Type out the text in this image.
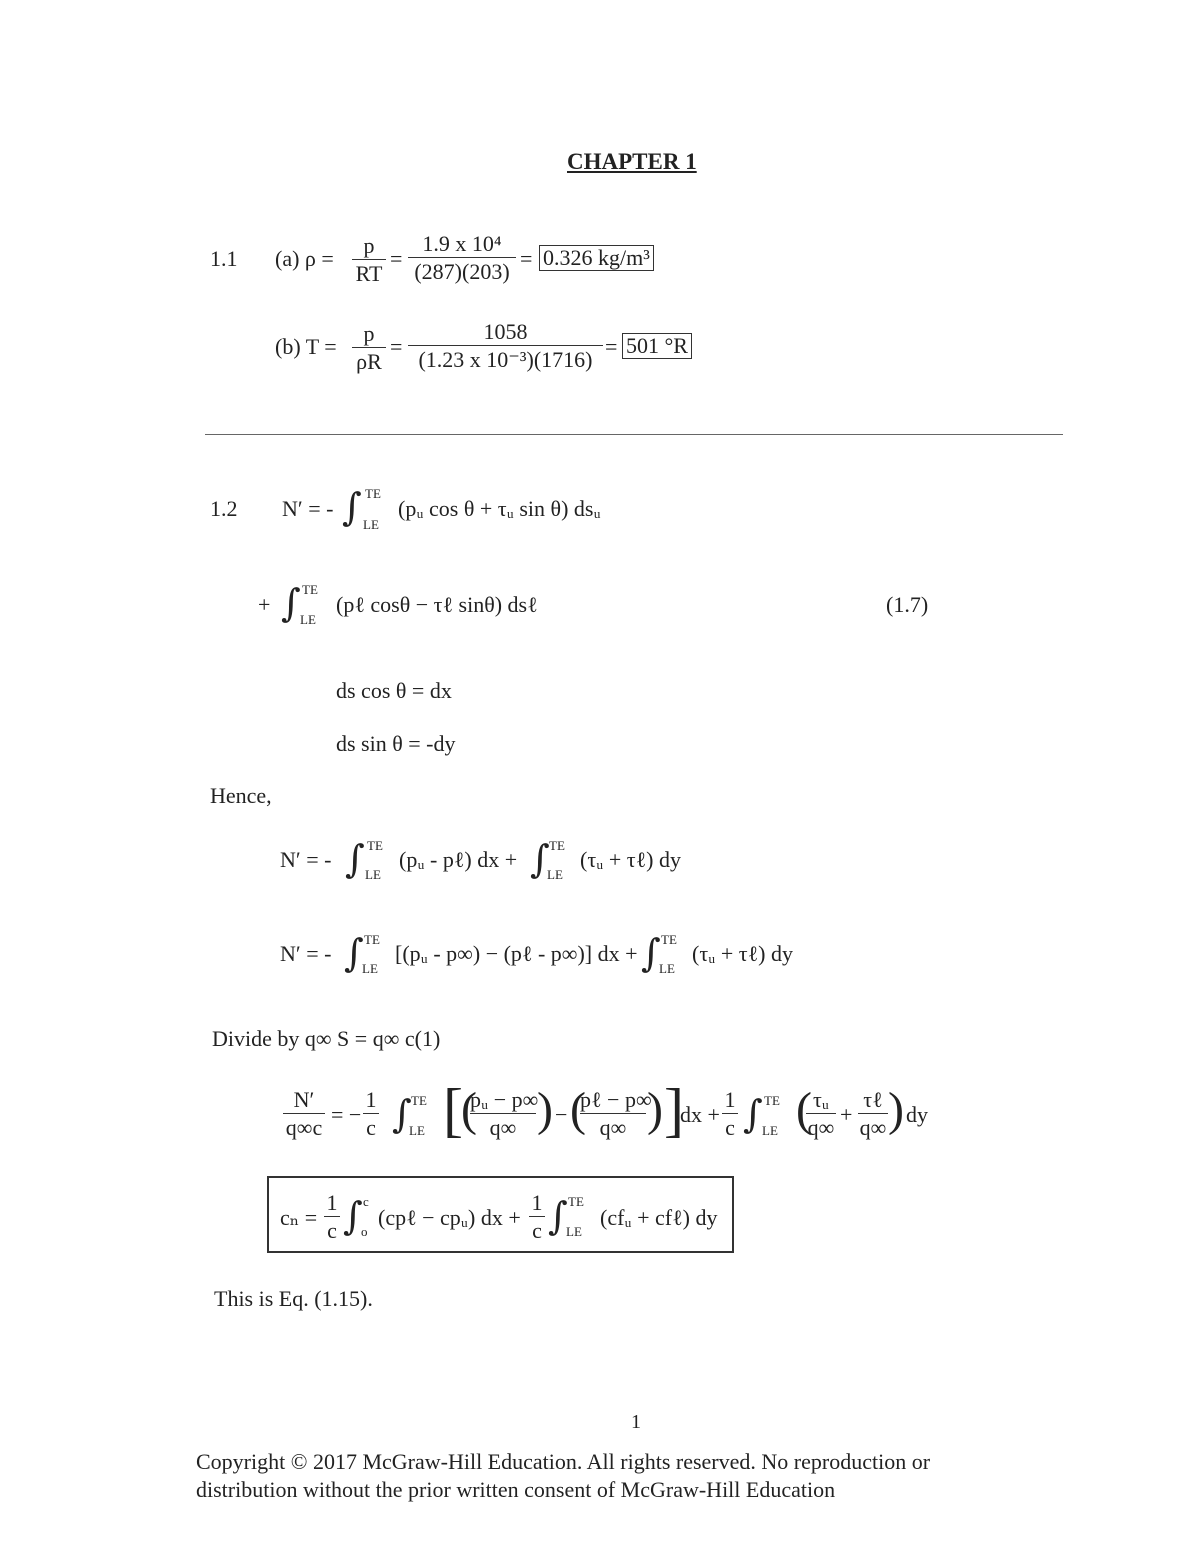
CHAPTER 1
1.1 (a) ρ =
p
RT
=
1.9 x 10⁴
(287)(203)
= 0.326 kg/m³
(b) T =
p
ρR
=
1058
(1.23 x 10⁻³)(1716)
= 501 °R
1.2 N′ = - ∫ TE
LE
(pᵤ cos θ + τᵤ sin θ) dsᵤ
+ ∫ TE
LE
(pℓ cosθ − τℓ sinθ) dsℓ	(1.7)
ds cos θ = dx
ds sin θ = -dy
Hence,
N′ = - ∫ TE
LE
(pᵤ - pℓ) dx + ∫ TE
LE
(τᵤ + τℓ) dy
N′ = - ∫ TE
LE
[(pᵤ - p∞) − (pℓ - p∞)] dx + ∫ TE
LE
(τᵤ + τℓ) dy
Divide by q∞ S = q∞ c(1)
N′
q∞c
= −
1
c ∫ TE
LE [
(
pᵤ − p∞
q∞ ) − (
pℓ − p∞
q∞ ) ]
dx +
1
c ∫ TE
LE ( τᵤ
q∞
+
τℓ
q∞ ) dy
cₙ =
1
c ∫ c
o
(cpℓ − cpᵤ) dx +
1
c ∫ TE
LE
(cfᵤ + cfℓ) dy
This is Eq. (1.15).
1
Copyright © 2017 McGraw-Hill Education. All rights reserved. No reproduction or
distribution without the prior written consent of McGraw-Hill Education
